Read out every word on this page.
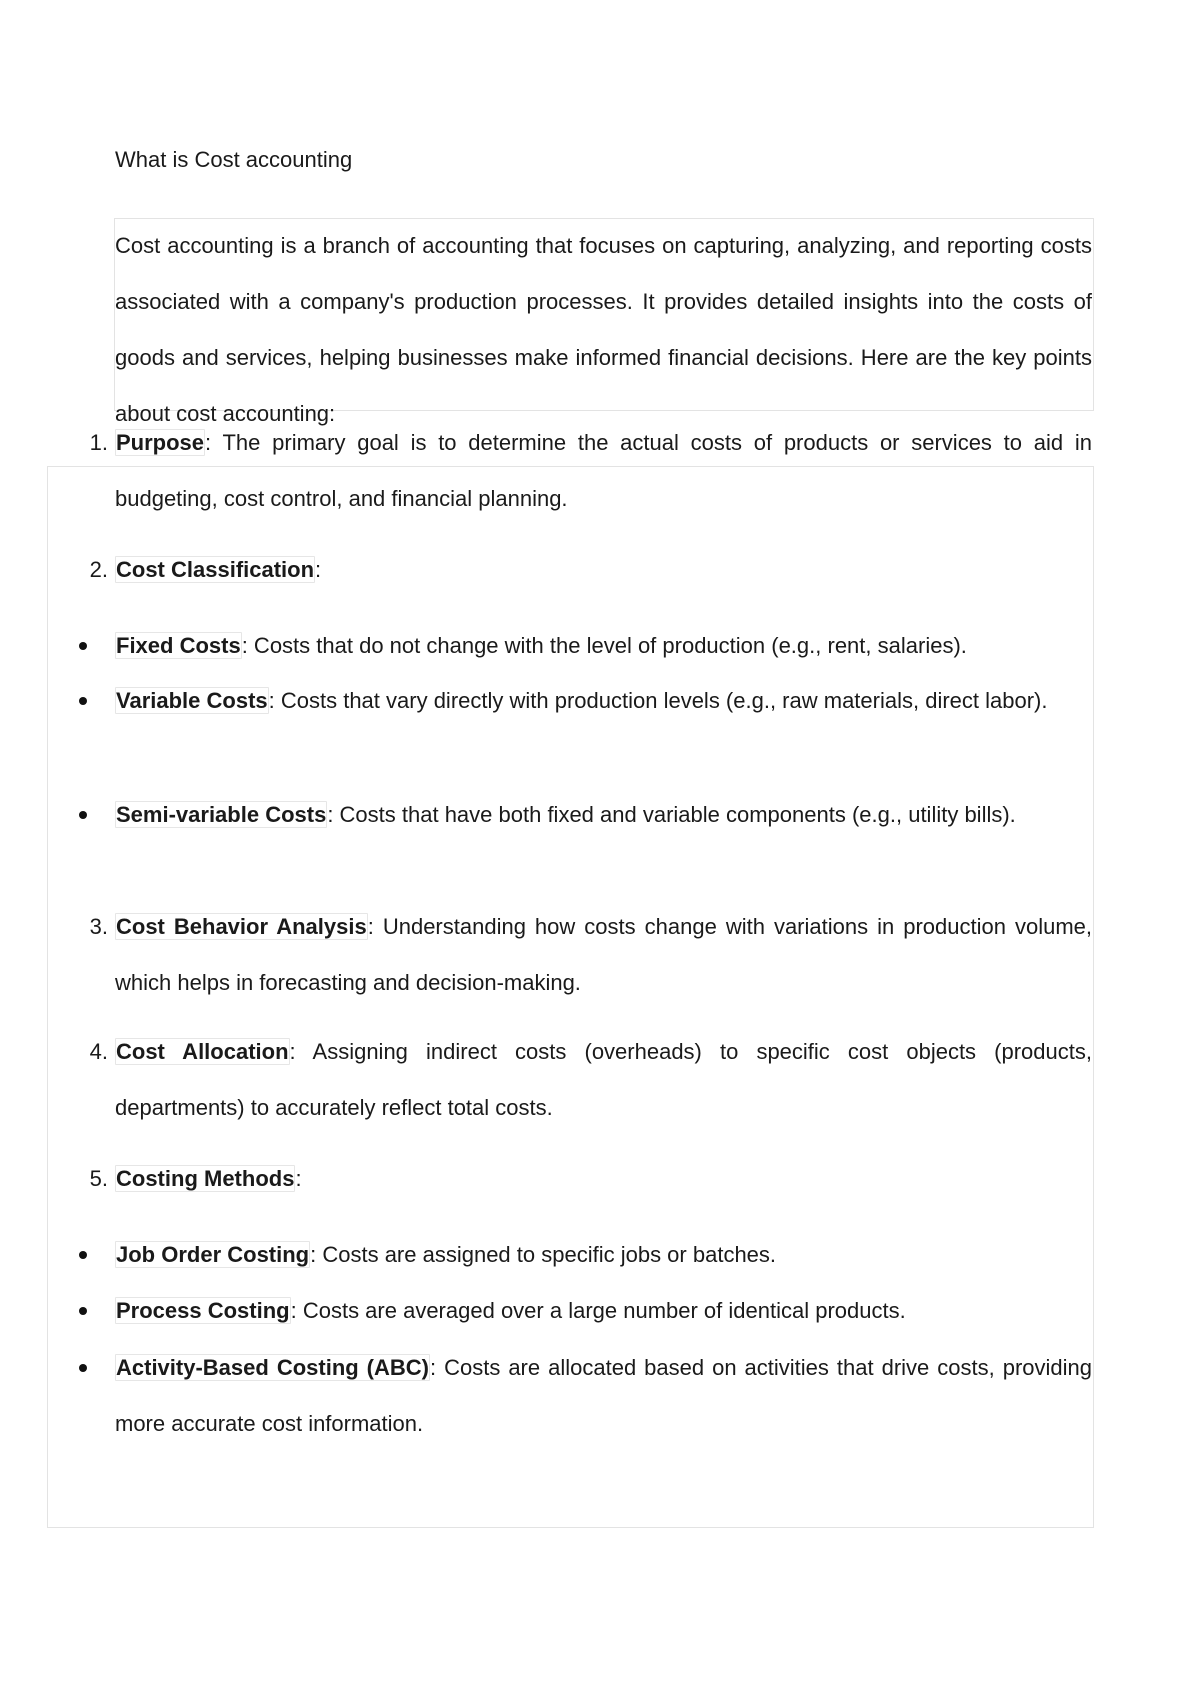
What is Cost accounting
Cost accounting is a branch of accounting that focuses on capturing, analyzing, and reporting costs associated with a company's production processes. It provides detailed insights into the costs of goods and services, helping businesses make informed financial decisions. Here are the key points about cost accounting:
1. Purpose: The primary goal is to determine the actual costs of products or services to aid in budgeting, cost control, and financial planning.
2. Cost Classification:
Fixed Costs: Costs that do not change with the level of production (e.g., rent, salaries).
Variable Costs: Costs that vary directly with production levels (e.g., raw materials, direct labor).
Semi-variable Costs: Costs that have both fixed and variable components (e.g., utility bills).
3. Cost Behavior Analysis: Understanding how costs change with variations in production volume, which helps in forecasting and decision-making.
4. Cost Allocation: Assigning indirect costs (overheads) to specific cost objects (products, departments) to accurately reflect total costs.
5. Costing Methods:
Job Order Costing: Costs are assigned to specific jobs or batches.
Process Costing: Costs are averaged over a large number of identical products.
Activity-Based Costing (ABC): Costs are allocated based on activities that drive costs, providing more accurate cost information.
